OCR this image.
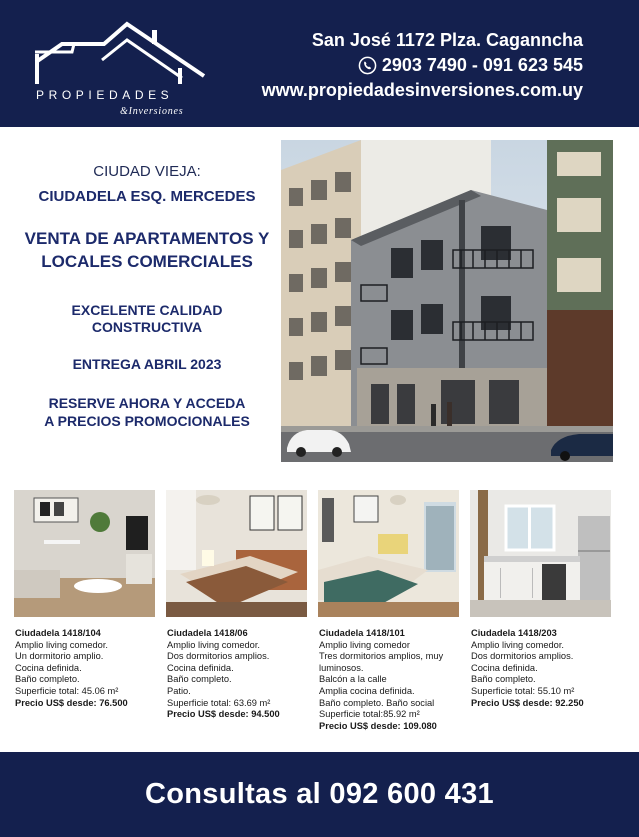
PROPIEDADES
&Inversiones
San José 1172 Plza. Caganncha
2903 7490 - 091 623 545
www.propiedadesinversiones.com.uy
CIUDAD VIEJA:
CIUDADELA ESQ. MERCEDES
VENTA DE APARTAMENTOS Y
LOCALES COMERCIALES
EXCELENTE CALIDAD
CONSTRUCTIVA
ENTREGA ABRIL 2023
RESERVE AHORA Y ACCEDA
A PRECIOS PROMOCIONALES
Ciudadela 1418/104
Amplio living comedor.
Un dormitorio amplio.
Cocina definida.
Baño completo.
Superficie total: 45.06 m²
Precio US$ desde: 76.500
Ciudadela 1418/06
Amplio living comedor.
Dos dormitorios amplios.
Cocina definida.
Baño completo.
Patio.
Superficie total: 63.69 m²
Precio US$ desde: 94.500
Ciudadela 1418/101
Amplio living comedor
Tres dormitorios amplios, muy
luminosos.
Balcón a la calle
Amplia cocina definida.
Baño completo. Baño social
Superficie total:85.92 m²
Precio US$ desde: 109.080
Ciudadela 1418/203
Amplio living comedor.
Dos dormitorios amplios.
Cocina definida.
Baño completo.
Superficie total: 55.10 m²
Precio US$ desde: 92.250
Consultas al 092 600 431
